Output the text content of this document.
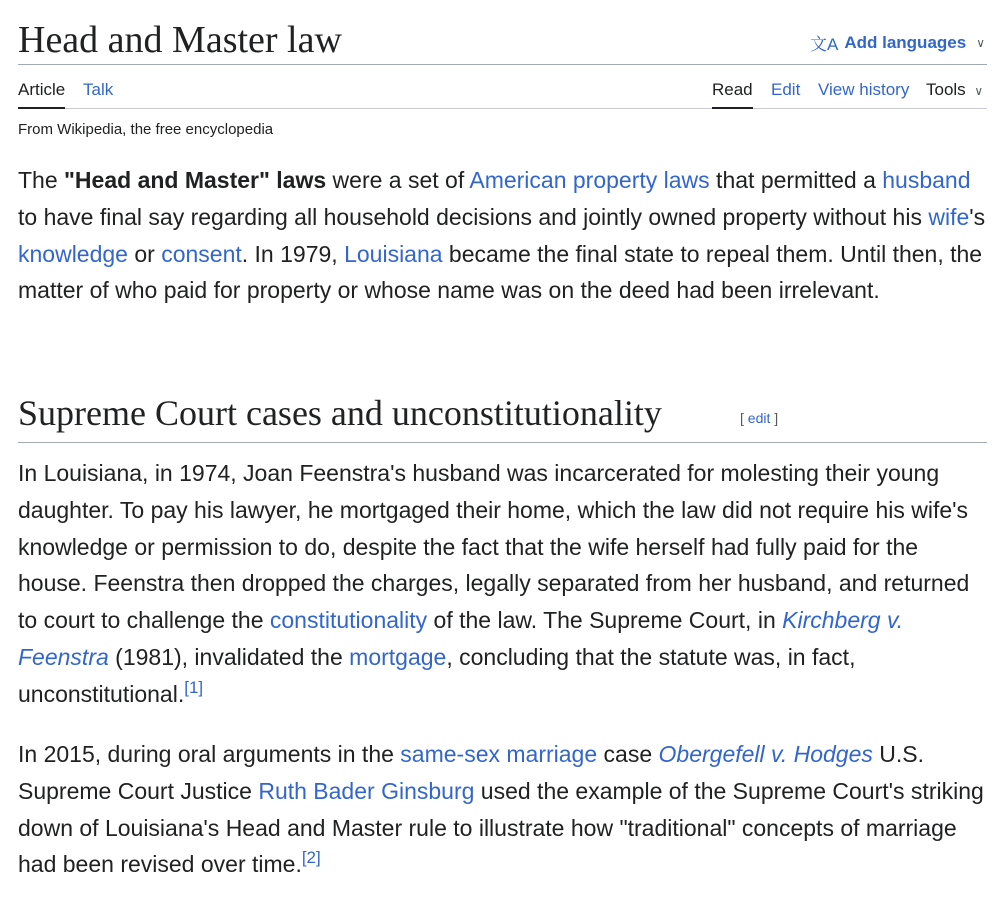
Head and Master law	文A Add languages ∨
Article Talk	Read Edit View history Tools ∨
From Wikipedia, the free encyclopedia

The "Head and Master" laws were a set of American property laws that permitted a husband to have final say regarding all household decisions and jointly owned property without his wife's knowledge or consent. In 1979, Louisiana became the final state to repeal them. Until then, the matter of who paid for property or whose name was on the deed had been irrelevant.

Supreme Court cases and unconstitutionality	[ edit ]

In Louisiana, in 1974, Joan Feenstra's husband was incarcerated for molesting their young daughter. To pay his lawyer, he mortgaged their home, which the law did not require his wife's knowledge or permission to do, despite the fact that the wife herself had fully paid for the house. Feenstra then dropped the charges, legally separated from her husband, and returned to court to challenge the constitutionality of the law. The Supreme Court, in Kirchberg v. Feenstra (1981), invalidated the mortgage, concluding that the statute was, in fact, unconstitutional.[1]

In 2015, during oral arguments in the same-sex marriage case Obergefell v. Hodges U.S. Supreme Court Justice Ruth Bader Ginsburg used the example of the Supreme Court's striking down of Louisiana's Head and Master rule to illustrate how "traditional" concepts of marriage had been revised over time.[2]
